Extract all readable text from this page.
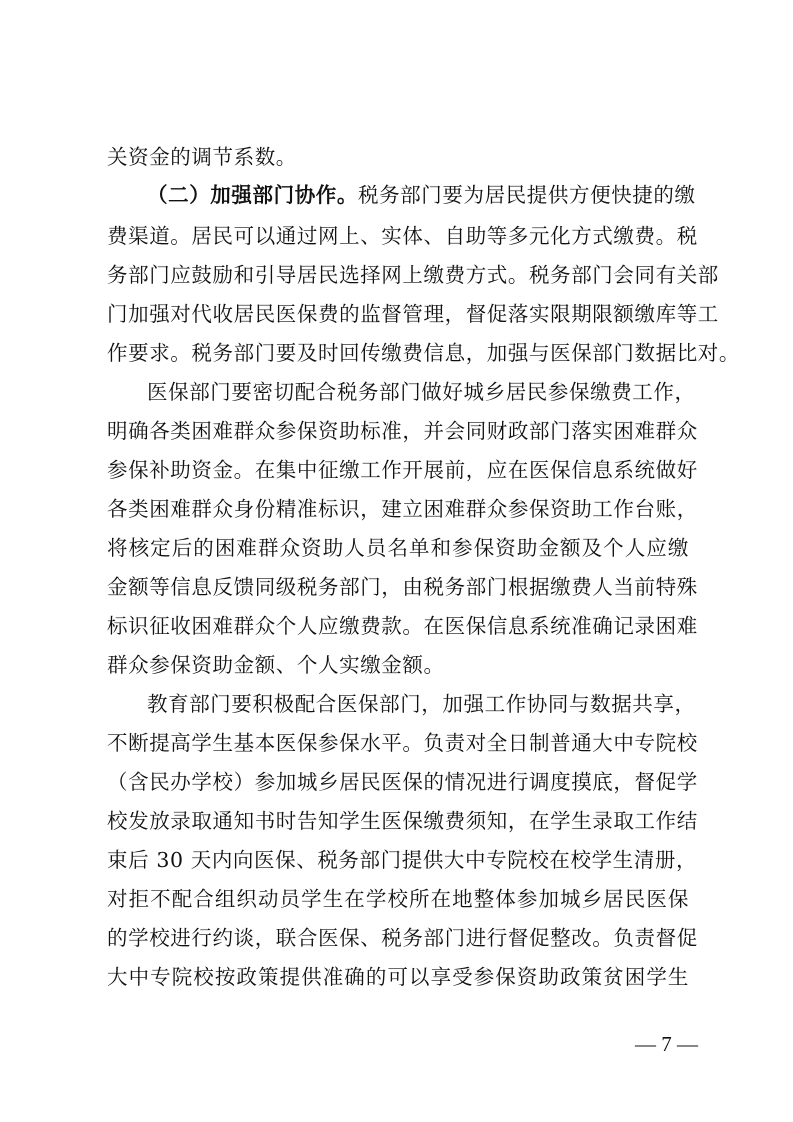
关资金的调节系数。
（二）加强部门协作。税务部门要为居民提供方便快捷的缴
费渠道。居民可以通过网上、实体、自助等多元化方式缴费。税
务部门应鼓励和引导居民选择网上缴费方式。税务部门会同有关部
门加强对代收居民医保费的监督管理，督促落实限期限额缴库等工
作要求。税务部门要及时回传缴费信息，加强与医保部门数据比对。
医保部门要密切配合税务部门做好城乡居民参保缴费工作，
明确各类困难群众参保资助标准，并会同财政部门落实困难群众
参保补助资金。在集中征缴工作开展前，应在医保信息系统做好
各类困难群众身份精准标识，建立困难群众参保资助工作台账，
将核定后的困难群众资助人员名单和参保资助金额及个人应缴
金额等信息反馈同级税务部门，由税务部门根据缴费人当前特殊
标识征收困难群众个人应缴费款。在医保信息系统准确记录困难
群众参保资助金额、个人实缴金额。
教育部门要积极配合医保部门，加强工作协同与数据共享，
不断提高学生基本医保参保水平。负责对全日制普通大中专院校
（含民办学校）参加城乡居民医保的情况进行调度摸底，督促学
校发放录取通知书时告知学生医保缴费须知，在学生录取工作结
束后 30 天内向医保、税务部门提供大中专院校在校学生清册，
对拒不配合组织动员学生在学校所在地整体参加城乡居民医保
的学校进行约谈，联合医保、税务部门进行督促整改。负责督促
大中专院校按政策提供准确的可以享受参保资助政策贫困学生
— 7 —
